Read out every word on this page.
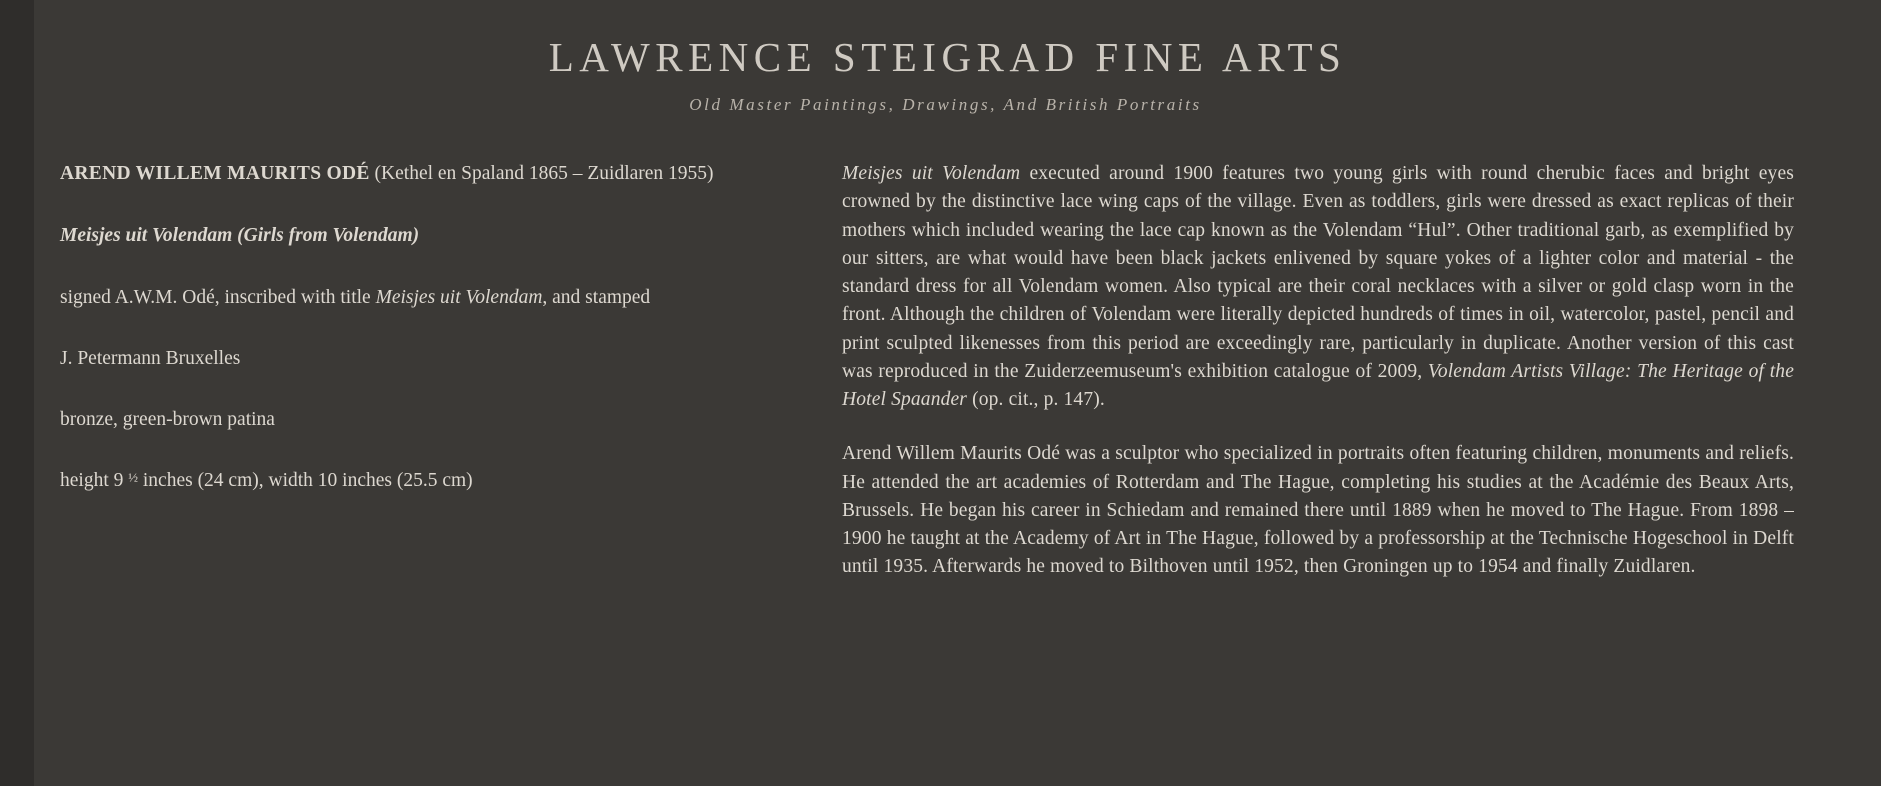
LAWRENCE STEIGRAD FINE ARTS

Old Master Paintings, Drawings, And British Portraits

AREND WILLEM MAURITS ODÉ (Kethel en Spaland 1865 – Zuidlaren 1955)

Meisjes uit Volendam (Girls from Volendam)

signed A.W.M. Odé, inscribed with title Meisjes uit Volendam, and stamped

J. Petermann Bruxelles

bronze, green-brown patina

height 9 $^{\frac{1}{2}}$ inches (24 cm), width 10 inches (25.5 cm)

Meisjes uit Volendam executed around 1900 features two young girls with round cherubic faces and bright eyes crowned by the distinctive lace wing caps of the village. Even as toddlers, girls were dressed as exact replicas of their mothers which included wearing the lace cap known as the Volendam “Hul”. Other traditional garb, as exemplified by our sitters, are what would have been black jackets enlivened by square yokes of a lighter color and material - the standard dress for all Volendam women. Also typical are their coral necklaces with a silver or gold clasp worn in the front. Although the children of Volendam were literally depicted hundreds of times in oil, watercolor, pastel, pencil and print sculpted likenesses from this period are exceedingly rare, particularly in duplicate. Another version of this cast was reproduced in the Zuiderzeemuseum's exhibition catalogue of 2009, Volendam Artists Village: The Heritage of the Hotel Spaander (op. cit., p. 147).

Arend Willem Maurits Odé was a sculptor who specialized in portraits often featuring children, monuments and reliefs. He attended the art academies of Rotterdam and The Hague, completing his studies at the Académie des Beaux Arts, Brussels. He began his career in Schiedam and remained there until 1889 when he moved to The Hague. From 1898 – 1900 he taught at the Academy of Art in The Hague, followed by a professorship at the Technische Hogeschool in Delft until 1935. Afterwards he moved to Bilthoven until 1952, then Groningen up to 1954 and finally Zuidlaren.
